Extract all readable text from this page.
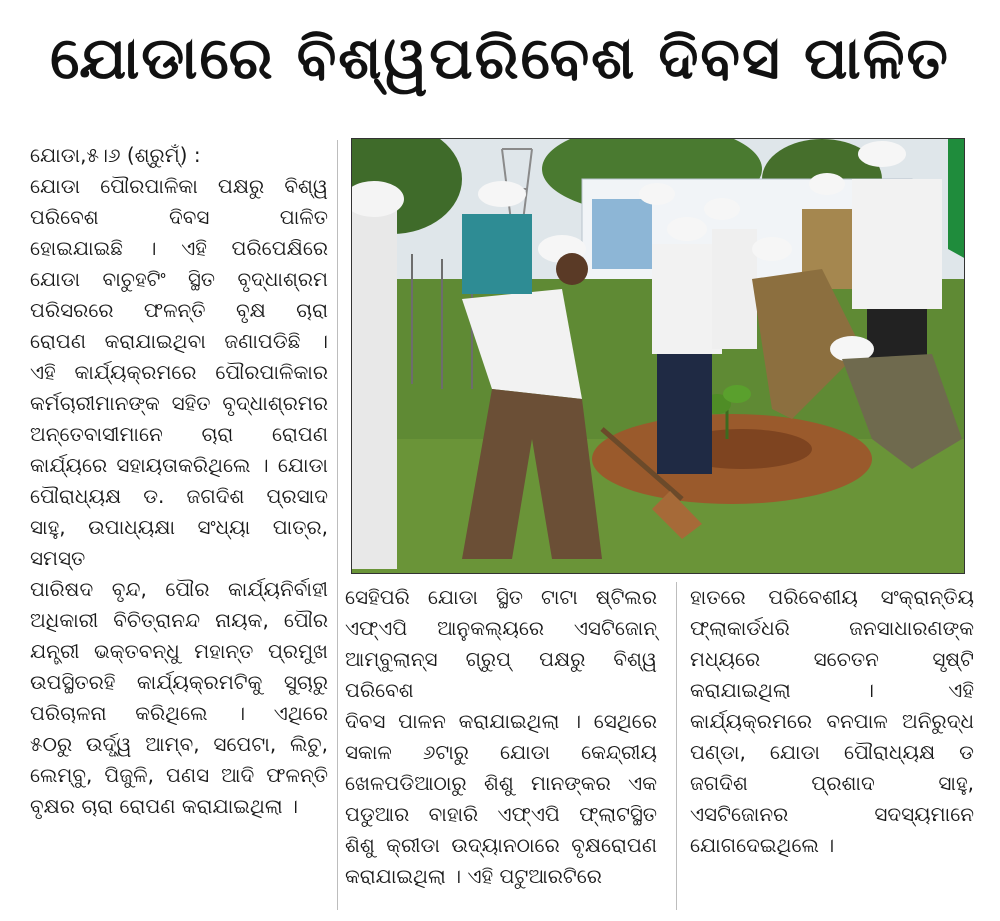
ଯୋଡାରେ ବିଶ୍ୱପରିବେଶ ଦିବସ ପାଳିତ

ଯୋଡା,୫।୬ (ଶ୍ରୁମ୍‌ଁ) :

ଯୋଡା ପୌରପାଳିକା ପକ୍ଷରୁ ବିଶ୍ୱ

ପରିବେଶ ଦିବସ ପାଳିତ

ହୋଇଯାଇଛି । ଏହି ପରିପେକ୍ଷିରେ

ଯୋଡା ବାଚୁହଟିଂ ସ୍ଥିତ ବୃଦ୍ଧାଶ୍ରମ

ପରିସରରେ ଫଳନ୍ତି ବୃକ୍ଷ ଚାରା

ରୋପଣ କରାଯାଇଥିବା ଜଣାପଡିଛି ।

ଏହି କାର୍ଯ୍ୟକ୍ରମରେ ପୌରପାଳିକାର

କର୍ମଚାରୀମାନଙ୍କ ସହିତ ବୃଦ୍ଧାଶ୍ରମର

ଅନ୍ତେବାସୀମାନେ ଚାରା ରୋପଣ

କାର୍ଯ୍ୟରେ ସହାୟତାକରିଥିଲେ । ଯୋଡା

ପୌରାଧ୍ୟକ୍ଷ ଡ. ଜଗଦିଶ ପ୍ରସାଦ

ସାହୁ, ଉପାଧ୍ୟକ୍ଷା ସଂଧ୍ୟା ପାତ୍ର, ସମସ୍ତ

ପାରିଷଦ ବୃନ୍ଦ, ପୌର କାର୍ଯ୍ୟନିର୍ବାହୀ

ଅଧିକାରୀ ବିଚିତ୍ରାନନ୍ଦ ନାୟକ, ପୌର

ଯନ୍ତ୍ରୀ ଭକ୍ତବନ୍ଧୁ ମହାନ୍ତ ପ୍ରମୁଖ

ଉପସ୍ଥିତରହି କାର୍ଯ୍ୟକ୍ରମଟିକୁ ସୁଚାରୁ

ପରିଚାଳନା କରିଥିଲେ । ଏଥିରେ

୫୦ରୁ ଉର୍ଦ୍ଧ୍ୱ ଆମ୍ବ, ସପେଟା, ଲିଚୁ,

ଲେମ୍ବୁ, ପିଜୁଳି, ପଣସ ଆଦି ଫଳନ୍ତି

ବୃକ୍ଷର ଚାରା ରୋପଣ କରାଯାଇଥିଲା ।

ସେହିପରି ଯୋଡା ସ୍ଥିତ ଟାଟା ଷ୍ଟିଲର

ଏଫ୍‌ଏପି ଆନୁକଲ୍ୟରେ ଏସଟିଜୋନ୍

ଆମ୍ବୁଲାନ୍ସ ଗ୍ରୁପ୍ ପକ୍ଷରୁ ବିଶ୍ୱ ପରିବେଶ

ଦିବସ ପାଳନ କରାଯାଇଥିଲା । ସେଥିରେ

ସକାଳ ୬ଟାରୁ ଯୋଡା କେନ୍ଦ୍ରୀୟ

ଖେଳପଡିଆଠାରୁ ଶିଶୁ ମାନଙ୍କର ଏକ

ପଡୁଆର ବାହାରି ଏଫ୍‌ଏପି ଫ୍ଲାଟସ୍ଥିତ

ଶିଶୁ କ୍ରୀଡା ଉଦ୍ୟାନଠାରେ ବୃକ୍ଷରୋପଣ

କରାଯାଇଥିଲା । ଏହି ପଟୁଆରଟିରେ

ହାତରେ ପରିବେଶୀୟ ସଂକ୍ରାନ୍ତିୟ

ଫ୍ଲାକାର୍ଡଧରି ଜନସାଧାରଣଙ୍କ

ମଧ୍ୟରେ ସଚେତନ ସୃଷ୍ଟି

କରାଯାଇଥିଲା । ଏହି

କାର୍ଯ୍ୟକ୍ରମରେ ବନପାଳ ଅନିରୁଦ୍ଧ

ପଣ୍ଡା, ଯୋଡା ପୌରାଧ୍ୟକ୍ଷ ଡ

ଜଗଦିଶ ପ୍ରଶାଦ ସାହୁ,

ଏସଟିଜୋନର ସଦସ୍ୟମାନେ

ଯୋଗଦେଇଥିଲେ ।
